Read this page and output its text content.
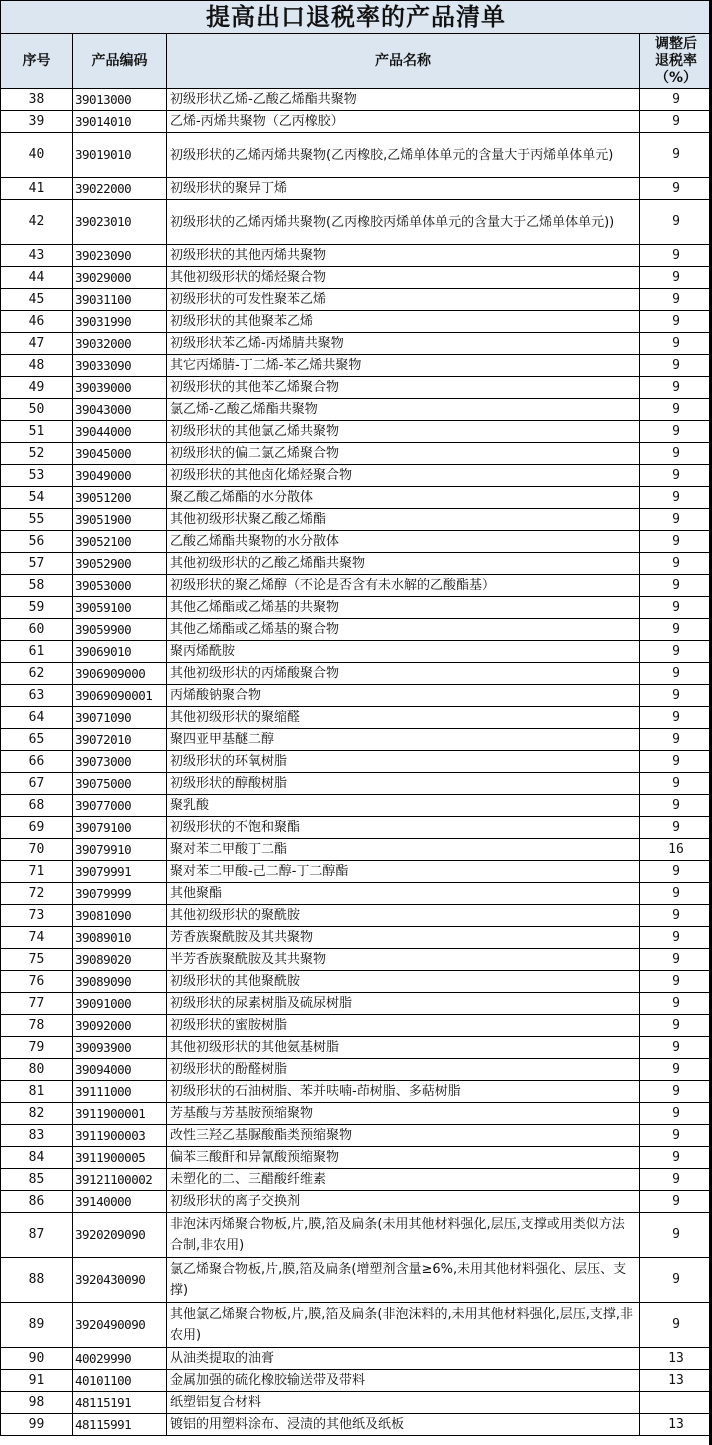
提高出口退税率的产品清单
序号	产品编码	产品名称	调整后
退税率
（%）

38	39013000	初级形状乙烯-乙酸乙烯酯共聚物	9
39	39014010	乙烯-丙烯共聚物（乙丙橡胶）	9
40	39019010	初级形状的乙烯丙烯共聚物(乙丙橡胶,乙烯单体单元的含量大于丙烯单体单元)	9
41	39022000	初级形状的聚异丁烯	9
42	39023010	初级形状的乙烯丙烯共聚物(乙丙橡胶丙烯单体单元的含量大于乙烯单体单元))	9
43	39023090	初级形状的其他丙烯共聚物	9
44	39029000	其他初级形状的烯烃聚合物	9
45	39031100	初级形状的可发性聚苯乙烯	9
46	39031990	初级形状的其他聚苯乙烯	9
47	39032000	初级形状苯乙烯-丙烯腈共聚物	9
48	39033090	其它丙烯腈-丁二烯-苯乙烯共聚物	9
49	39039000	初级形状的其他苯乙烯聚合物	9
50	39043000	氯乙烯-乙酸乙烯酯共聚物	9
51	39044000	初级形状的其他氯乙烯共聚物	9
52	39045000	初级形状的偏二氯乙烯聚合物	9
53	39049000	初级形状的其他卤化烯烃聚合物	9
54	39051200	聚乙酸乙烯酯的水分散体	9
55	39051900	其他初级形状聚乙酸乙烯酯	9
56	39052100	乙酸乙烯酯共聚物的水分散体	9
57	39052900	其他初级形状的乙酸乙烯酯共聚物	9
58	39053000	初级形状的聚乙烯醇（不论是否含有未水解的乙酸酯基）	9
59	39059100	其他乙烯酯或乙烯基的共聚物	9
60	39059900	其他乙烯酯或乙烯基的聚合物	9
61	39069010	聚丙烯酰胺	9
62	3906909000	其他初级形状的丙烯酸聚合物	9
63	39069090001	丙烯酸钠聚合物	9
64	39071090	其他初级形状的聚缩醛	9
65	39072010	聚四亚甲基醚二醇	9
66	39073000	初级形状的环氧树脂	9
67	39075000	初级形状的醇酸树脂	9
68	39077000	聚乳酸	9
69	39079100	初级形状的不饱和聚酯	9
70	39079910	聚对苯二甲酸丁二酯	16
71	39079991	聚对苯二甲酸-己二醇-丁二醇酯	9
72	39079999	其他聚酯	9
73	39081090	其他初级形状的聚酰胺	9
74	39089010	芳香族聚酰胺及其共聚物	9
75	39089020	半芳香族聚酰胺及其共聚物	9
76	39089090	初级形状的其他聚酰胺	9
77	39091000	初级形状的尿素树脂及硫尿树脂	9
78	39092000	初级形状的蜜胺树脂	9
79	39093900	其他初级形状的其他氨基树脂	9
80	39094000	初级形状的酚醛树脂	9
81	39111000	初级形状的石油树脂、苯并呋喃-茚树脂、多萜树脂	9
82	3911900001	芳基酸与芳基胺预缩聚物	9
83	3911900003	改性三羟乙基脲酸酯类预缩聚物	9
84	3911900005	偏苯三酸酐和异氰酸预缩聚物	9
85	39121100002	未塑化的二、三醋酸纤维素	9
86	39140000	初级形状的离子交换剂	9
87	3920209090	非泡沫丙烯聚合物板,片,膜,箔及扁条(未用其他材料强化,层压,支撑或用类似方法合制,非农用)	9
88	3920430090	氯乙烯聚合物板,片,膜,箔及扁条(增塑剂含量≥6%,未用其他材料强化、层压、支撑)	9
89	3920490090	其他氯乙烯聚合物板,片,膜,箔及扁条(非泡沫料的,未用其他材料强化,层压,支撑,非农用)	9
90	40029990	从油类提取的油膏	13
91	40101100	金属加强的硫化橡胶输送带及带料	13
98	48115191	纸塑铝复合材料	
99	48115991	镀铝的用塑料涂布、浸渍的其他纸及纸板	13
